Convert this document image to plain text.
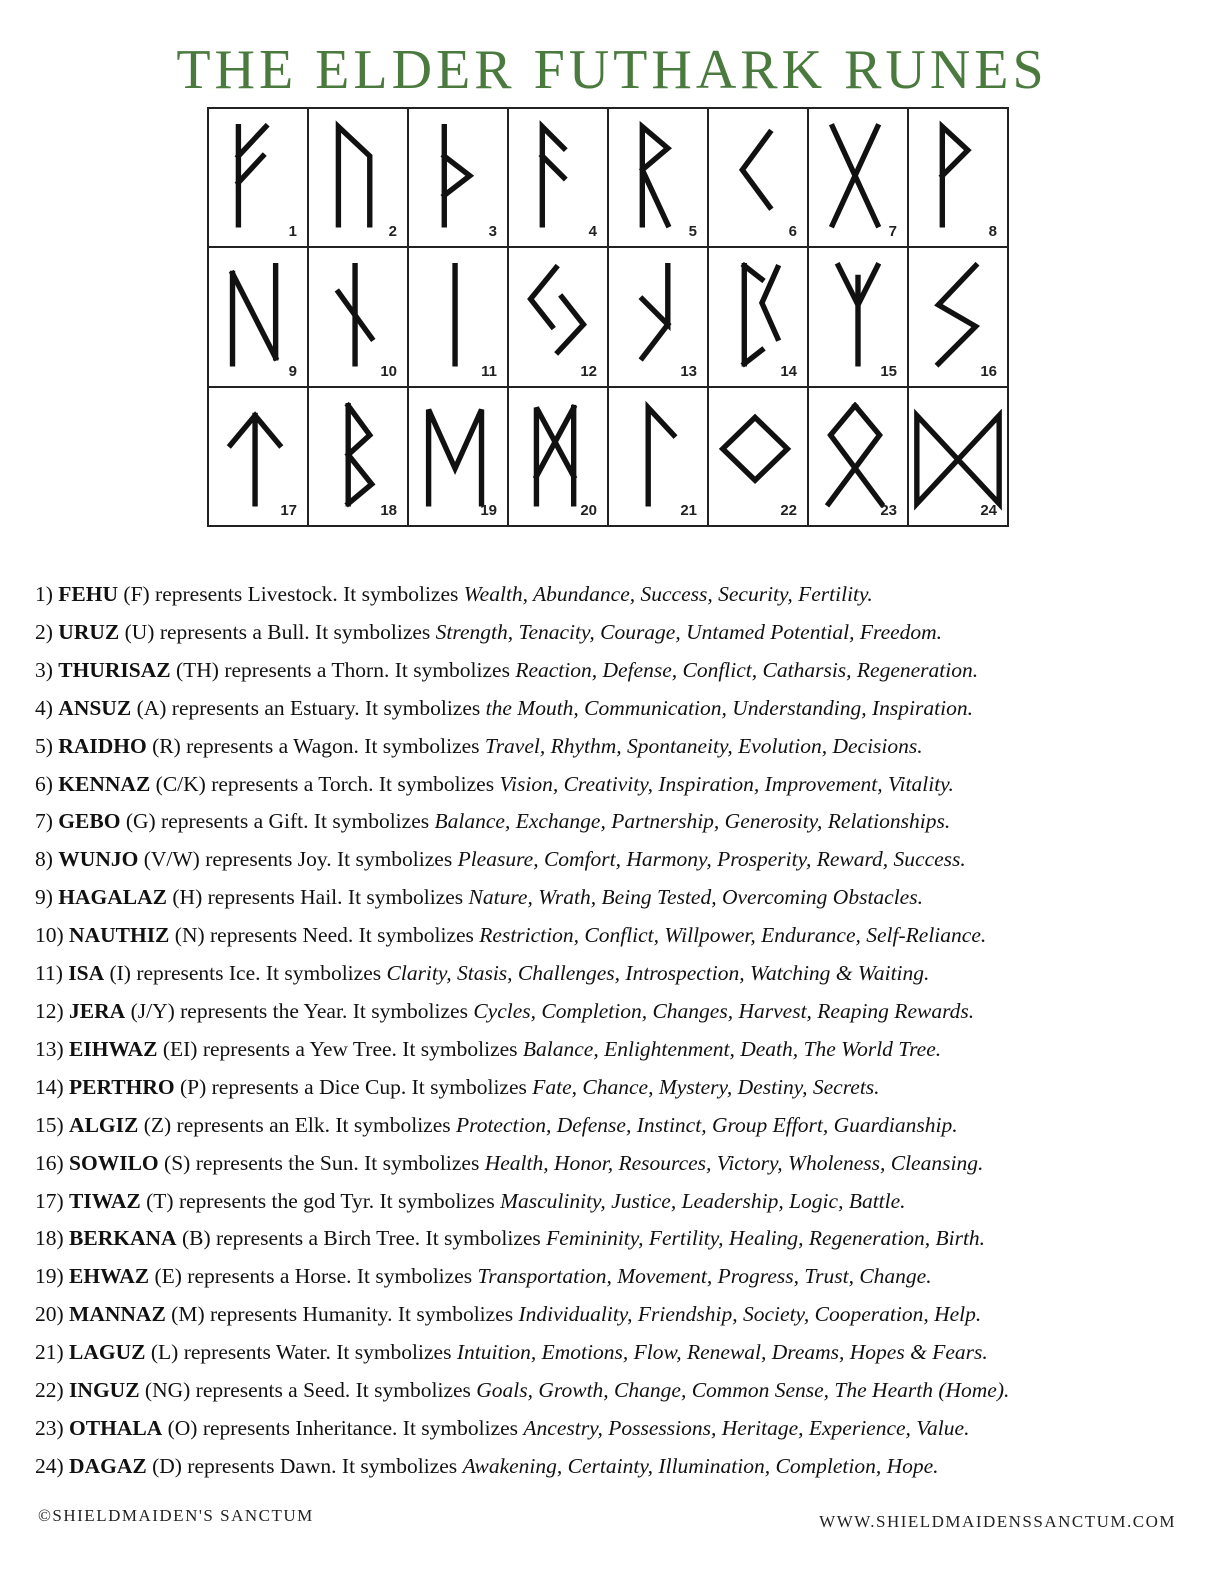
THE ELDER FUTHARK RUNES
1	2	3	4	5	6	7	8
9	10	11	12	13	14	15	16
17	18	19	20	21	22	23	24
1) FEHU (F) represents Livestock. It symbolizes Wealth, Abundance, Success, Security, Fertility.
2) URUZ (U) represents a Bull. It symbolizes Strength, Tenacity, Courage, Untamed Potential, Freedom.
3) THURISAZ (TH) represents a Thorn. It symbolizes Reaction, Defense, Conflict, Catharsis, Regeneration.
4) ANSUZ (A) represents an Estuary. It symbolizes the Mouth, Communication, Understanding, Inspiration.
5) RAIDHO (R) represents a Wagon. It symbolizes Travel, Rhythm, Spontaneity, Evolution, Decisions.
6) KENNAZ (C/K) represents a Torch. It symbolizes Vision, Creativity, Inspiration, Improvement, Vitality.
7) GEBO (G) represents a Gift. It symbolizes Balance, Exchange, Partnership, Generosity, Relationships.
8) WUNJO (V/W) represents Joy. It symbolizes Pleasure, Comfort, Harmony, Prosperity, Reward, Success.
9) HAGALAZ (H) represents Hail. It symbolizes Nature, Wrath, Being Tested, Overcoming Obstacles.
10) NAUTHIZ (N) represents Need. It symbolizes Restriction, Conflict, Willpower, Endurance, Self-Reliance.
11) ISA (I) represents Ice. It symbolizes Clarity, Stasis, Challenges, Introspection, Watching & Waiting.
12) JERA (J/Y) represents the Year. It symbolizes Cycles, Completion, Changes, Harvest, Reaping Rewards.
13) EIHWAZ (EI) represents a Yew Tree. It symbolizes Balance, Enlightenment, Death, The World Tree.
14) PERTHRO (P) represents a Dice Cup. It symbolizes Fate, Chance, Mystery, Destiny, Secrets.
15) ALGIZ (Z) represents an Elk. It symbolizes Protection, Defense, Instinct, Group Effort, Guardianship.
16) SOWILO (S) represents the Sun. It symbolizes Health, Honor, Resources, Victory, Wholeness, Cleansing.
17) TIWAZ (T) represents the god Tyr. It symbolizes Masculinity, Justice, Leadership, Logic, Battle.
18) BERKANA (B) represents a Birch Tree. It symbolizes Femininity, Fertility, Healing, Regeneration, Birth.
19) EHWAZ (E) represents a Horse. It symbolizes Transportation, Movement, Progress, Trust, Change.
20) MANNAZ (M) represents Humanity. It symbolizes Individuality, Friendship, Society, Cooperation, Help.
21) LAGUZ (L) represents Water. It symbolizes Intuition, Emotions, Flow, Renewal, Dreams, Hopes & Fears.
22) INGUZ (NG) represents a Seed. It symbolizes Goals, Growth, Change, Common Sense, The Hearth (Home).
23) OTHALA (O) represents Inheritance. It symbolizes Ancestry, Possessions, Heritage, Experience, Value.
24) DAGAZ (D) represents Dawn. It symbolizes Awakening, Certainty, Illumination, Completion, Hope.
©SHIELDMAIDEN'S SANCTUM	WWW.SHIELDMAIDENSSANCTUM.COM
